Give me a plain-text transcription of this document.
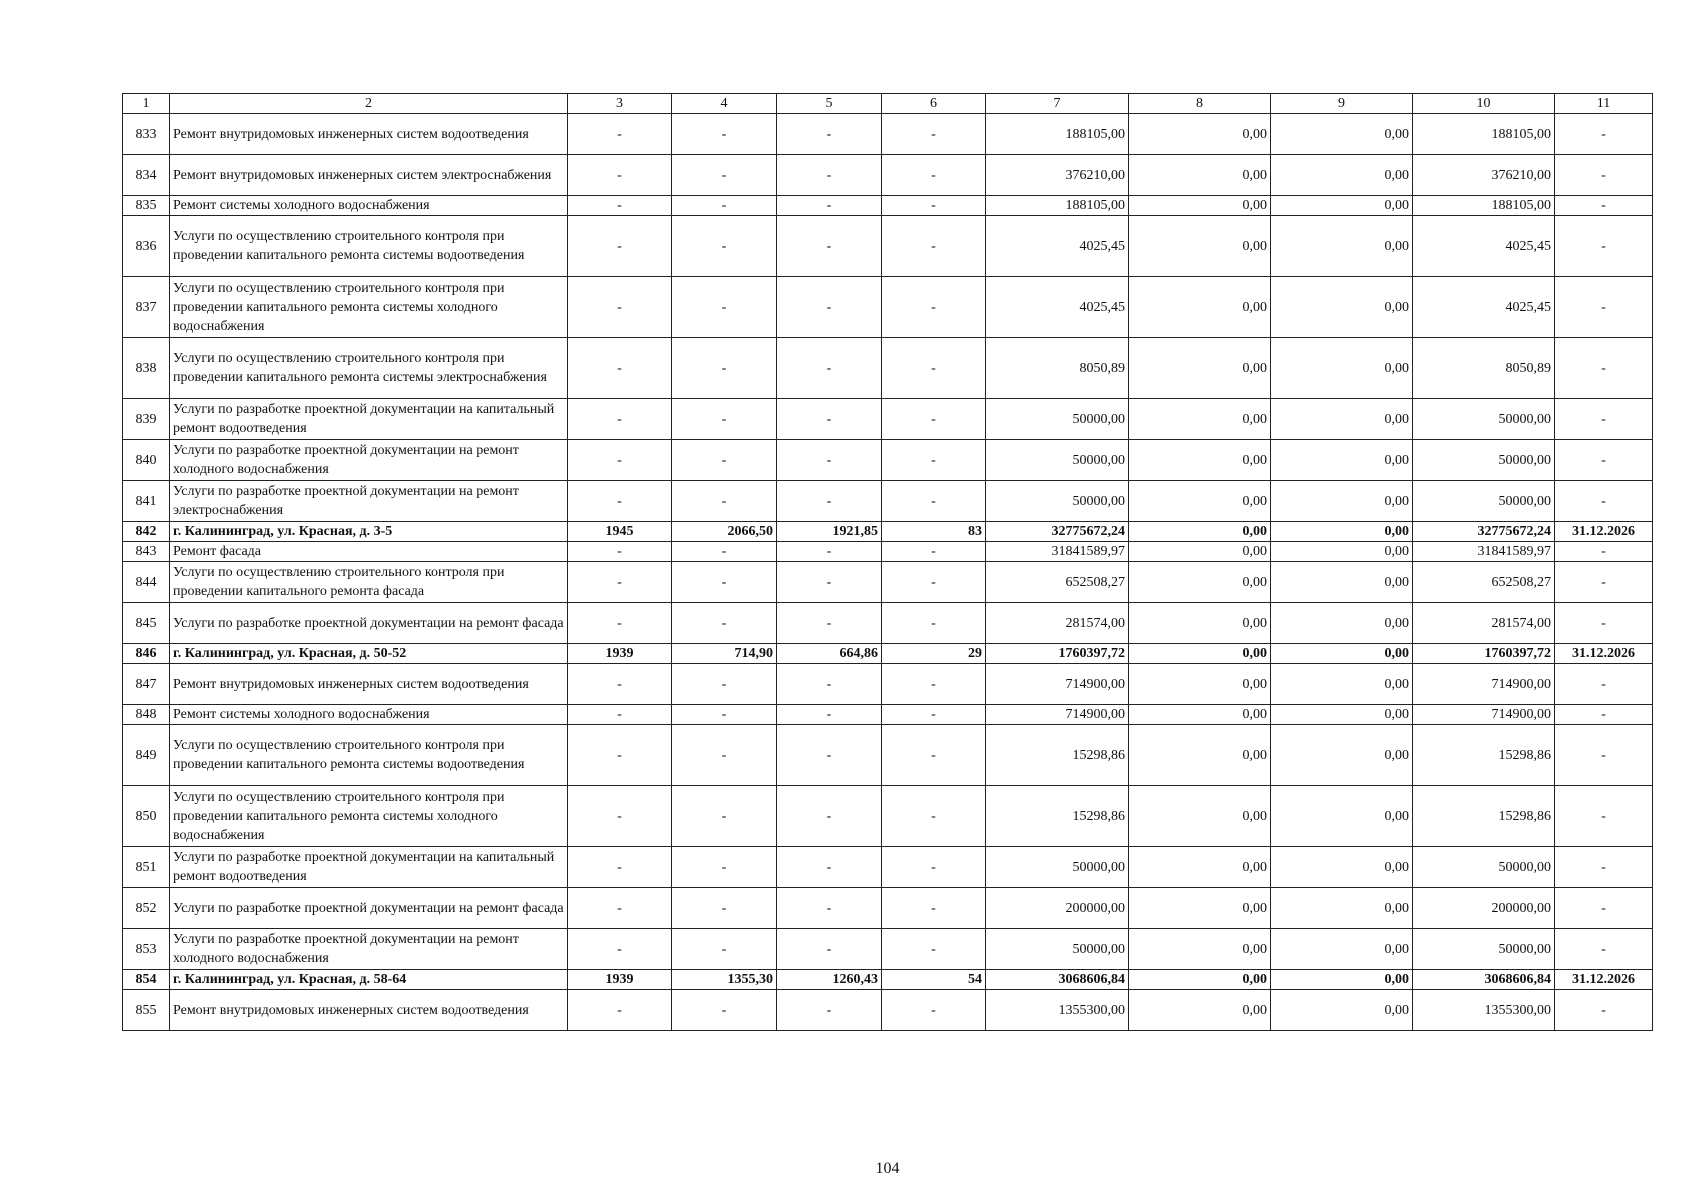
1	2	3	4	5	6	7	8	9	10	11
833	Ремонт внутридомовых инженерных систем водоотведения	-	-	-	-	188105,00	0,00	0,00	188105,00	-
834	Ремонт внутридомовых инженерных систем электроснабжения	-	-	-	-	376210,00	0,00	0,00	376210,00	-
835	Ремонт системы холодного водоснабжения	-	-	-	-	188105,00	0,00	0,00	188105,00	-
836	Услуги по осуществлению строительного контроля при проведении капитального ремонта системы водоотведения	-	-	-	-	4025,45	0,00	0,00	4025,45	-
837	Услуги по осуществлению строительного контроля при проведении капитального ремонта системы холодного водоснабжения	-	-	-	-	4025,45	0,00	0,00	4025,45	-
838	Услуги по осуществлению строительного контроля при проведении капитального ремонта системы электроснабжения	-	-	-	-	8050,89	0,00	0,00	8050,89	-
839	Услуги по разработке проектной документации на капитальный ремонт водоотведения	-	-	-	-	50000,00	0,00	0,00	50000,00	-
840	Услуги по разработке проектной документации на ремонт холодного водоснабжения	-	-	-	-	50000,00	0,00	0,00	50000,00	-
841	Услуги по разработке проектной документации на ремонт электроснабжения	-	-	-	-	50000,00	0,00	0,00	50000,00	-
842	г. Калининград, ул. Красная, д. 3-5	1945	2066,50	1921,85	83	32775672,24	0,00	0,00	32775672,24	31.12.2026
843	Ремонт фасада	-	-	-	-	31841589,97	0,00	0,00	31841589,97	-
844	Услуги по осуществлению строительного контроля при проведении капитального ремонта фасада	-	-	-	-	652508,27	0,00	0,00	652508,27	-
845	Услуги по разработке проектной документации на ремонт фасада	-	-	-	-	281574,00	0,00	0,00	281574,00	-
846	г. Калининград, ул. Красная, д. 50-52	1939	714,90	664,86	29	1760397,72	0,00	0,00	1760397,72	31.12.2026
847	Ремонт внутридомовых инженерных систем водоотведения	-	-	-	-	714900,00	0,00	0,00	714900,00	-
848	Ремонт системы холодного водоснабжения	-	-	-	-	714900,00	0,00	0,00	714900,00	-
849	Услуги по осуществлению строительного контроля при проведении капитального ремонта системы водоотведения	-	-	-	-	15298,86	0,00	0,00	15298,86	-
850	Услуги по осуществлению строительного контроля при проведении капитального ремонта системы холодного водоснабжения	-	-	-	-	15298,86	0,00	0,00	15298,86	-
851	Услуги по разработке проектной документации на капитальный ремонт водоотведения	-	-	-	-	50000,00	0,00	0,00	50000,00	-
852	Услуги по разработке проектной документации на ремонт фасада	-	-	-	-	200000,00	0,00	0,00	200000,00	-
853	Услуги по разработке проектной документации на ремонт холодного водоснабжения	-	-	-	-	50000,00	0,00	0,00	50000,00	-
854	г. Калининград, ул. Красная, д. 58-64	1939	1355,30	1260,43	54	3068606,84	0,00	0,00	3068606,84	31.12.2026
855	Ремонт внутридомовых инженерных систем водоотведения	-	-	-	-	1355300,00	0,00	0,00	1355300,00	-
104
